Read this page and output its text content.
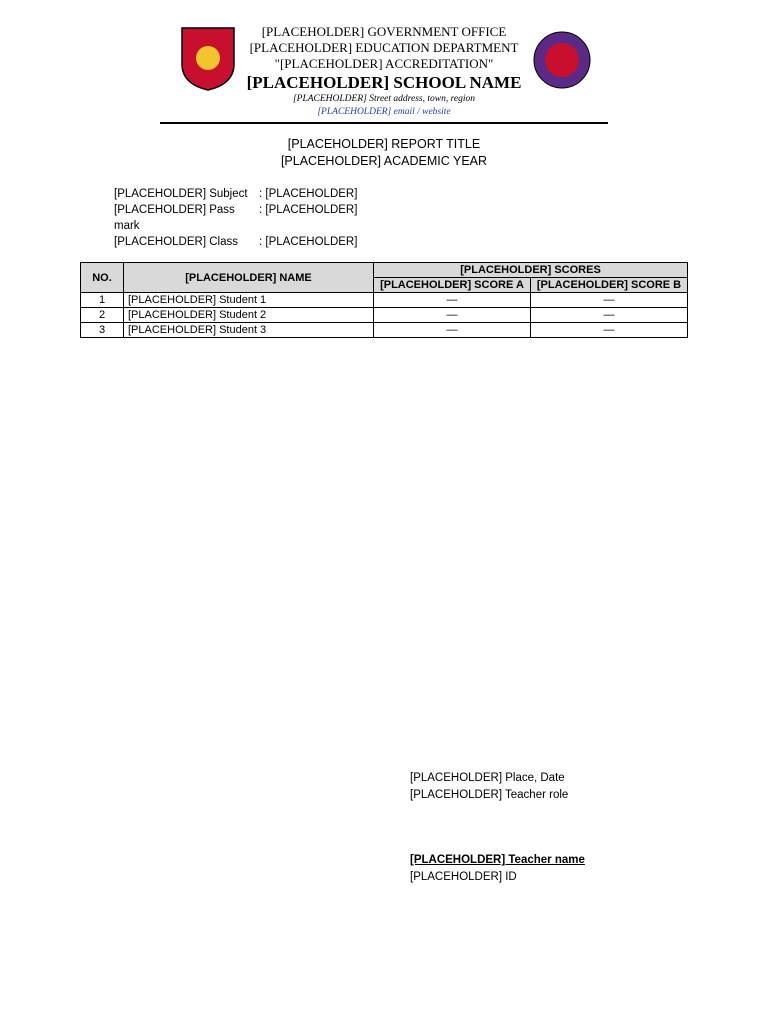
[PLACEHOLDER] GOVERNMENT OFFICE
[PLACEHOLDER] EDUCATION DEPARTMENT
"[PLACEHOLDER] ACCREDITATION"
[PLACEHOLDER] SCHOOL NAME
[PLACEHOLDER] Street address, town, region
[PLACEHOLDER] email / website
[PLACEHOLDER] REPORT TITLE
[PLACEHOLDER] ACADEMIC YEAR
[PLACEHOLDER] Subject : [PLACEHOLDER]
[PLACEHOLDER] Pass mark
: [PLACEHOLDER]
[PLACEHOLDER] Class	: [PLACEHOLDER]
NO.	[PLACEHOLDER] NAME	[PLACEHOLDER] SCORES	
		[PLACEHOLDER] SCORE A	[PLACEHOLDER] SCORE B
1	[PLACEHOLDER] Student 1	—	—
2	[PLACEHOLDER] Student 2	—	—
3	[PLACEHOLDER] Student 3	—	—
[PLACEHOLDER] Place, Date
[PLACEHOLDER] Teacher role
[PLACEHOLDER] Teacher name
[PLACEHOLDER] ID
